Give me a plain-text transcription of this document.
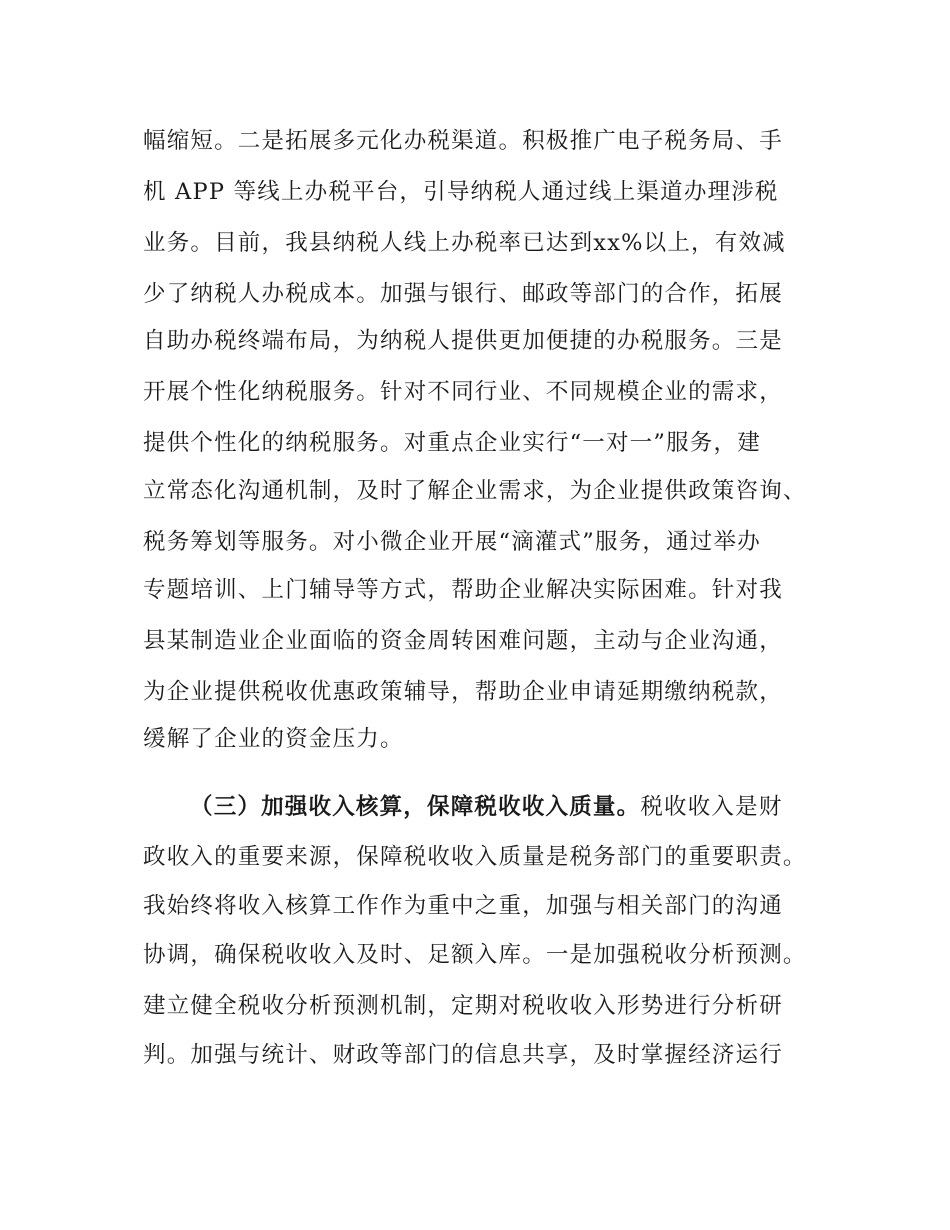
幅缩短。二是拓展多元化办税渠道。积极推广电子税务局、手
机 APP 等线上办税平台，引导纳税人通过线上渠道办理涉税
业务。目前，我县纳税人线上办税率已达到xx%以上，有效减
少了纳税人办税成本。加强与银行、邮政等部门的合作，拓展
自助办税终端布局，为纳税人提供更加便捷的办税服务。三是
开展个性化纳税服务。针对不同行业、不同规模企业的需求，
提供个性化的纳税服务。对重点企业实行“一对一”服务，建
立常态化沟通机制，及时了解企业需求，为企业提供政策咨询、
税务筹划等服务。对小微企业开展“滴灌式”服务，通过举办
专题培训、上门辅导等方式，帮助企业解决实际困难。针对我
县某制造业企业面临的资金周转困难问题，主动与企业沟通，
为企业提供税收优惠政策辅导，帮助企业申请延期缴纳税款，
缓解了企业的资金压力。
（三）加强收入核算，保障税收收入质量。税收收入是财
政收入的重要来源，保障税收收入质量是税务部门的重要职责。
我始终将收入核算工作作为重中之重，加强与相关部门的沟通
协调，确保税收收入及时、足额入库。一是加强税收分析预测。
建立健全税收分析预测机制，定期对税收收入形势进行分析研
判。加强与统计、财政等部门的信息共享，及时掌握经济运行
